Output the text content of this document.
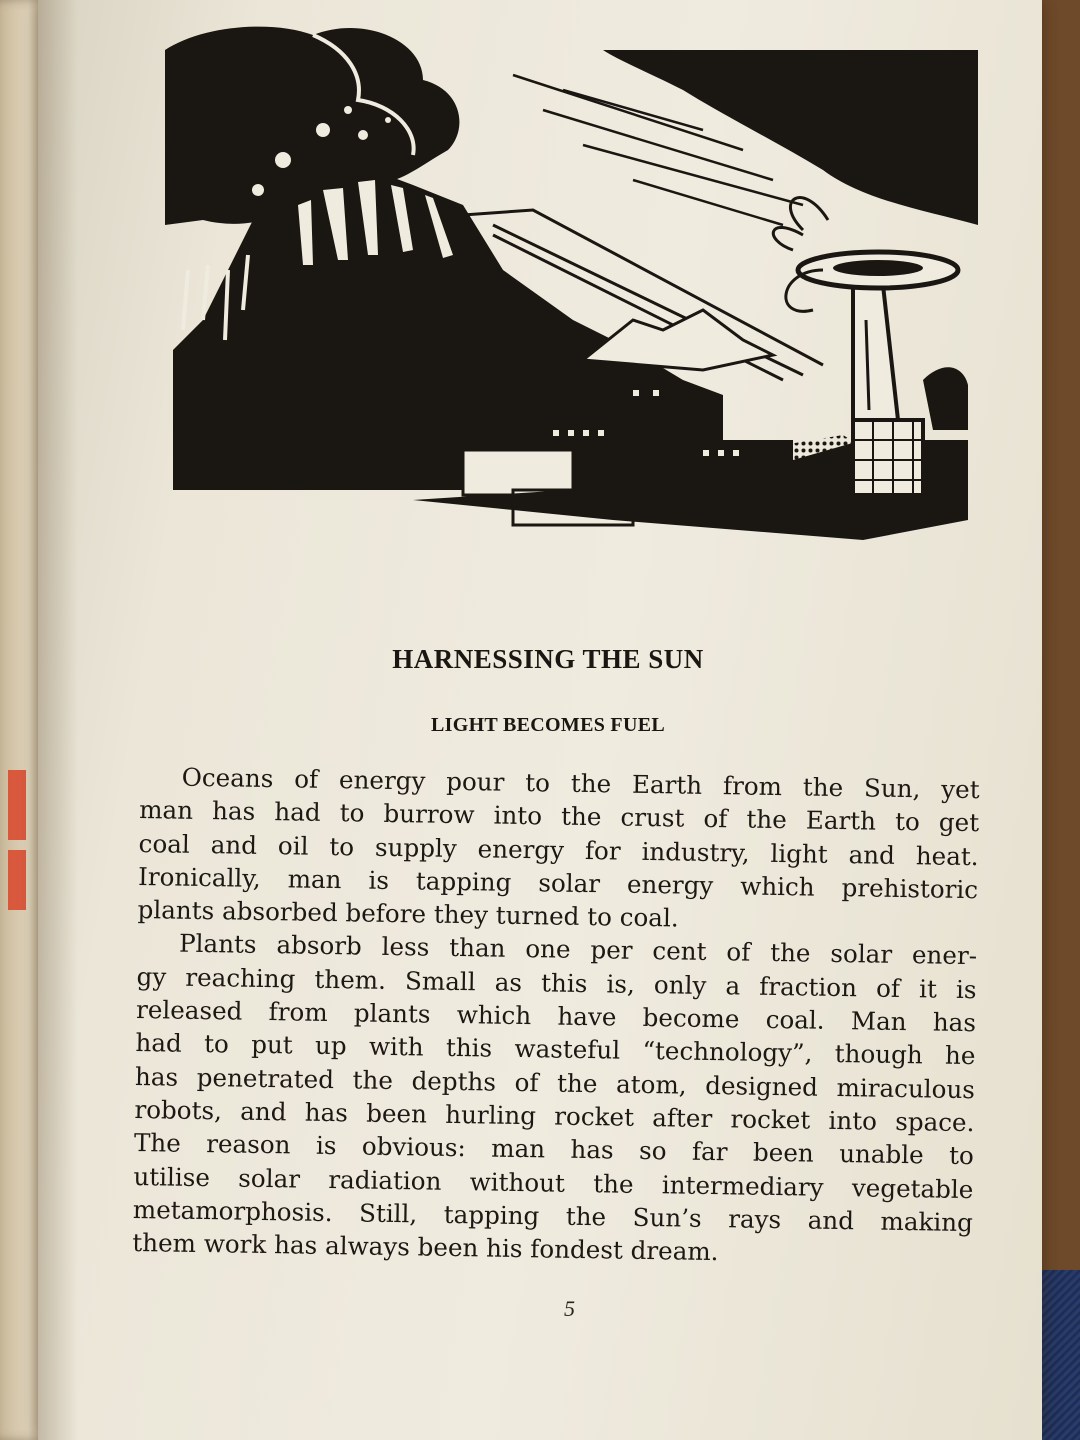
HARNESSING THE SUN
LIGHT BECOMES FUEL
Oceans of energy pour to the Earth from the Sun, yet
man has had to burrow into the crust of the Earth to get
coal and oil to supply energy for industry, light and heat.
Ironically, man is tapping solar energy which prehistoric
plants absorbed before they turned to coal.
Plants absorb less than one per cent of the solar ener-
gy reaching them. Small as this is, only a fraction of it is
released from plants which have become coal. Man has
had to put up with this wasteful “technology”, though he
has penetrated the depths of the atom, designed miraculous
robots, and has been hurling rocket after rocket into space.
The reason is obvious: man has so far been unable to
utilise solar radiation without the intermediary vegetable
metamorphosis. Still, tapping the Sun’s rays and making
them work has always been his fondest dream.
5
